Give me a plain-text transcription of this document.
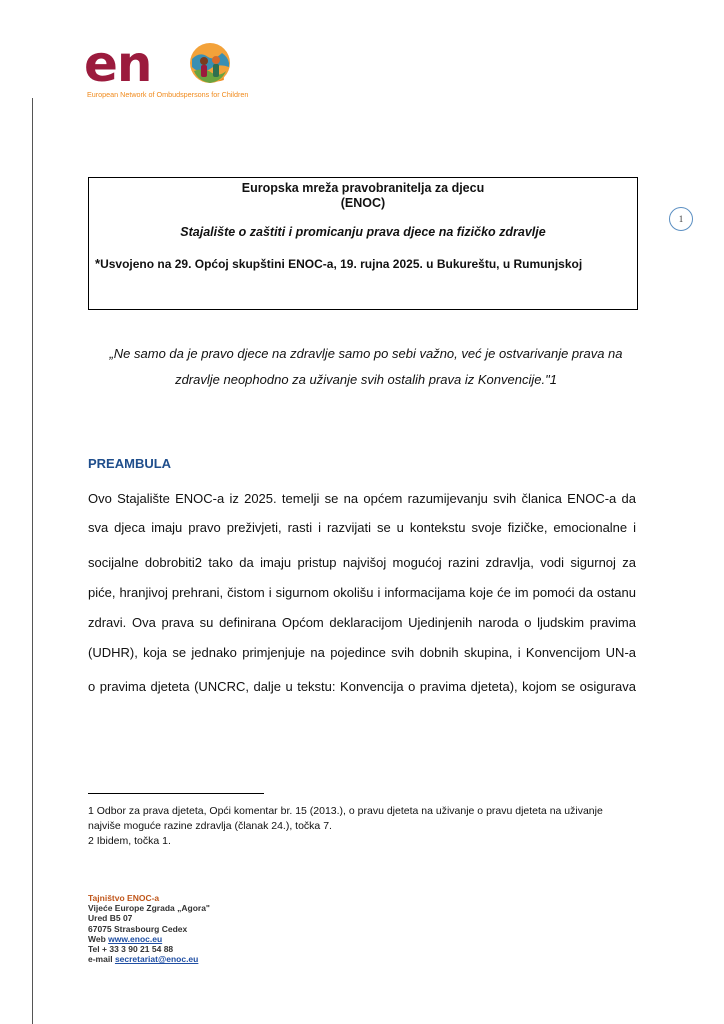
en
European Network of Ombudspersons for Children
1
Europska mreža pravobranitelja za djecu
(ENOC)
Stajalište o zaštiti i promicanju prava djece na fizičko zdravlje
*Usvojeno na 29. Općoj skupštini ENOC-a, 19. rujna 2025. u Bukureštu, u Rumunjskoj
„Ne samo da je pravo djece na zdravlje samo po sebi važno, već je ostvarivanje prava na
zdravlje neophodno za uživanje svih ostalih prava iz Konvencije."1
PREAMBULA
Ovo Stajalište ENOC-a iz 2025. temelji se na općem razumijevanju svih članica ENOC-a da
sva djeca imaju pravo preživjeti, rasti i razvijati se u kontekstu svoje fizičke, emocionalne i
socijalne dobrobiti2 tako da imaju pristup najvišoj mogućoj razini zdravlja, vodi sigurnoj za
piće, hranjivoj prehrani, čistom i sigurnom okolišu i informacijama koje će im pomoći da ostanu
zdravi. Ova prava su definirana Općom deklaracijom Ujedinjenih naroda o ljudskim pravima
(UDHR), koja se jednako primjenjuje na pojedince svih dobnih skupina, i Konvencijom UN-a
o pravima djeteta (UNCRC, dalje u tekstu: Konvencija o pravima djeteta), kojom se osigurava
1 Odbor za prava djeteta, Opći komentar br. 15 (2013.), o pravu djeteta na uživanje o pravu djeteta na uživanje
najviše moguće razine zdravlja (članak 24.), točka 7.
2 Ibidem, točka 1.
Tajništvo ENOC-a
Vijeće Europe Zgrada „Agora"
Ured B5 07
67075 Strasbourg Cedex
Web www.enoc.eu
Tel + 33 3 90 21 54 88
e-mail secretariat@enoc.eu
